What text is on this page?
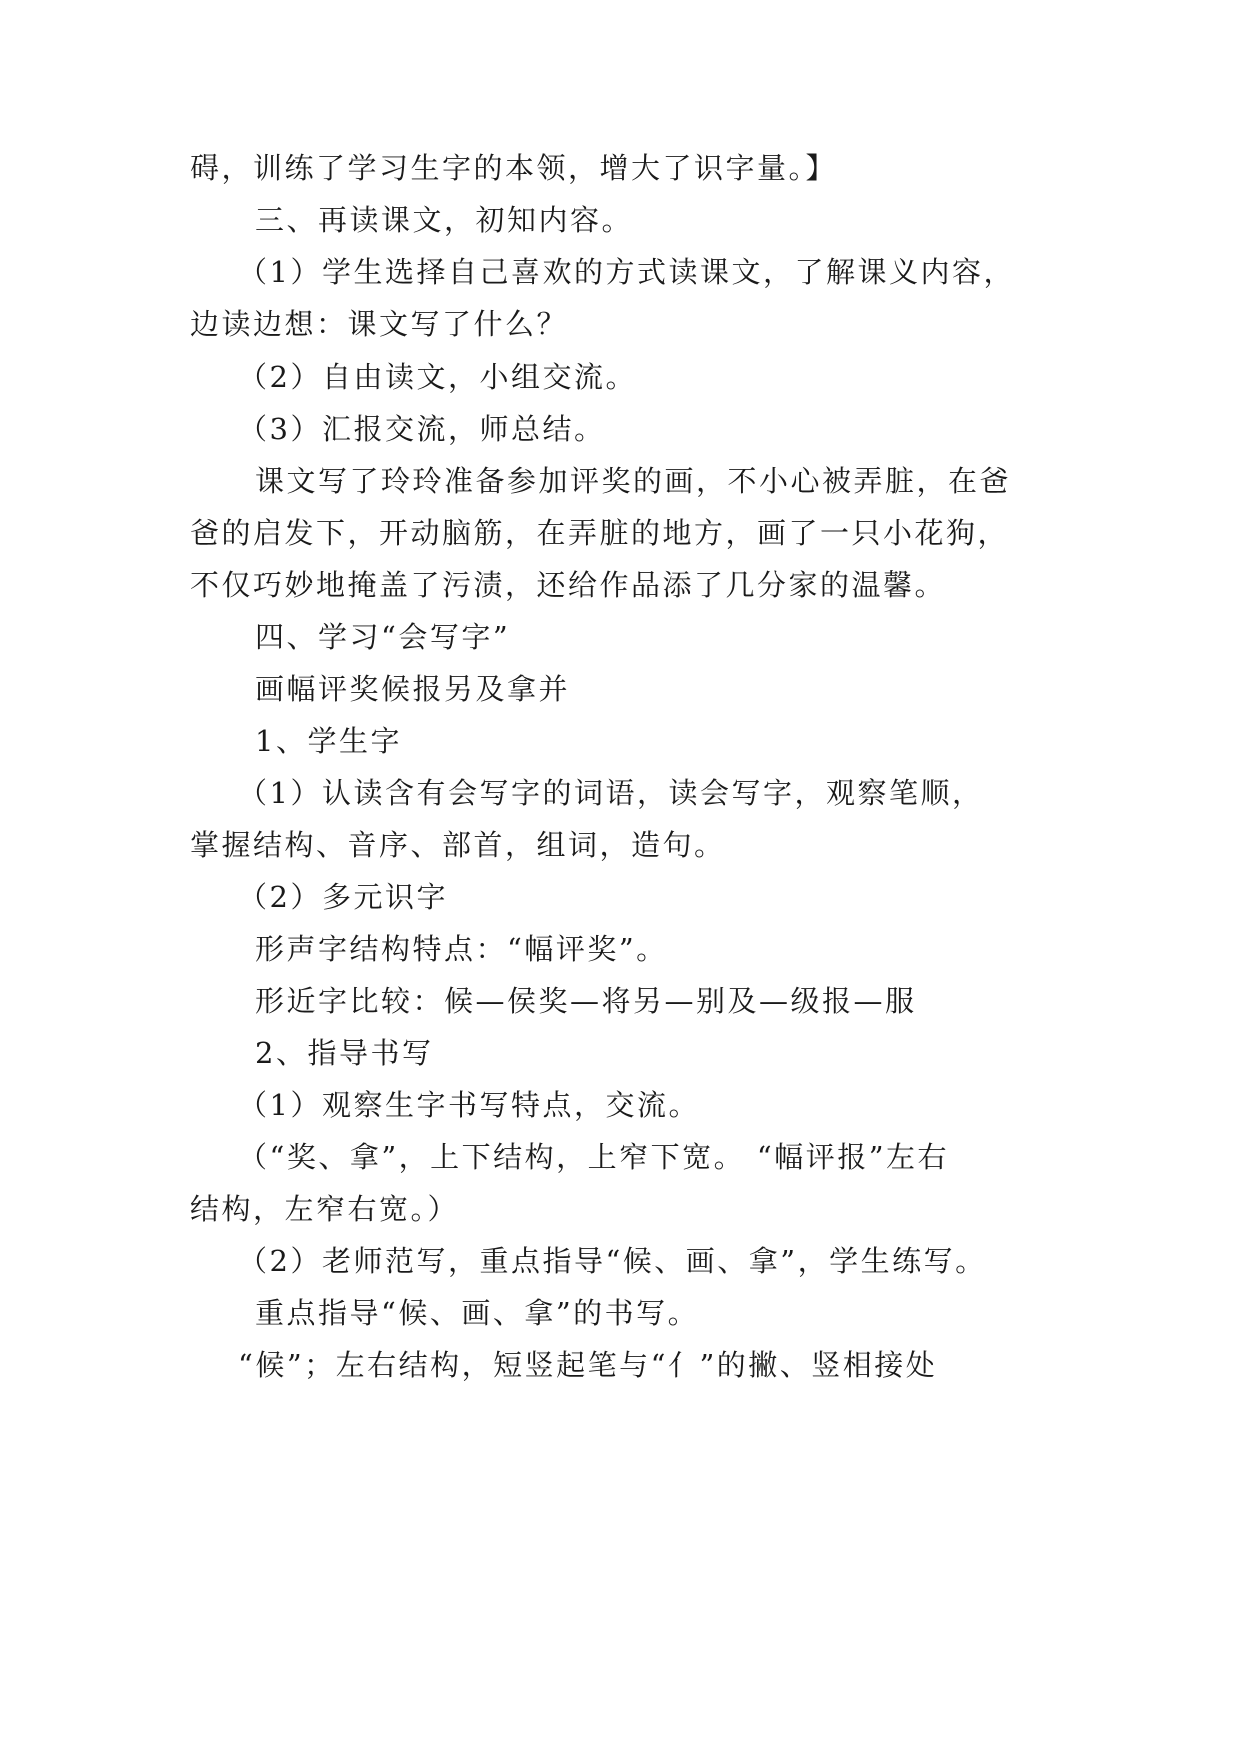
碍，训练了学习生字的本领，增大了识字量。】
三、再读课文，初知内容。
（1）学生选择自己喜欢的方式读课文，了解课义内容，
边读边想：课文写了什么？
（2）自由读文，小组交流。
（3）汇报交流，师总结。
课文写了玲玲准备参加评奖的画，不小心被弄脏，在爸
爸的启发下，开动脑筋，在弄脏的地方，画了一只小花狗，
不仅巧妙地掩盖了污渍，还给作品添了几分家的温馨。
四、学习“会写字”
画幅评奖候报另及拿并
1、学生字
（1）认读含有会写字的词语，读会写字，观察笔顺，
掌握结构、音序、部首，组词，造句。
（2）多元识字
形声字结构特点：“幅评奖”。
形近字比较：候—侯奖—将另—别及—级报—服
2、指导书写
（1）观察生字书写特点，交流。
（“奖、拿”，上下结构，上窄下宽。 “幅评报”左右
结构，左窄右宽。）
（2）老师范写，重点指导“候、画、拿”，学生练写。
重点指导“候、画、拿”的书写。
“候”；左右结构，短竖起笔与“亻”的撇、竖相接处
